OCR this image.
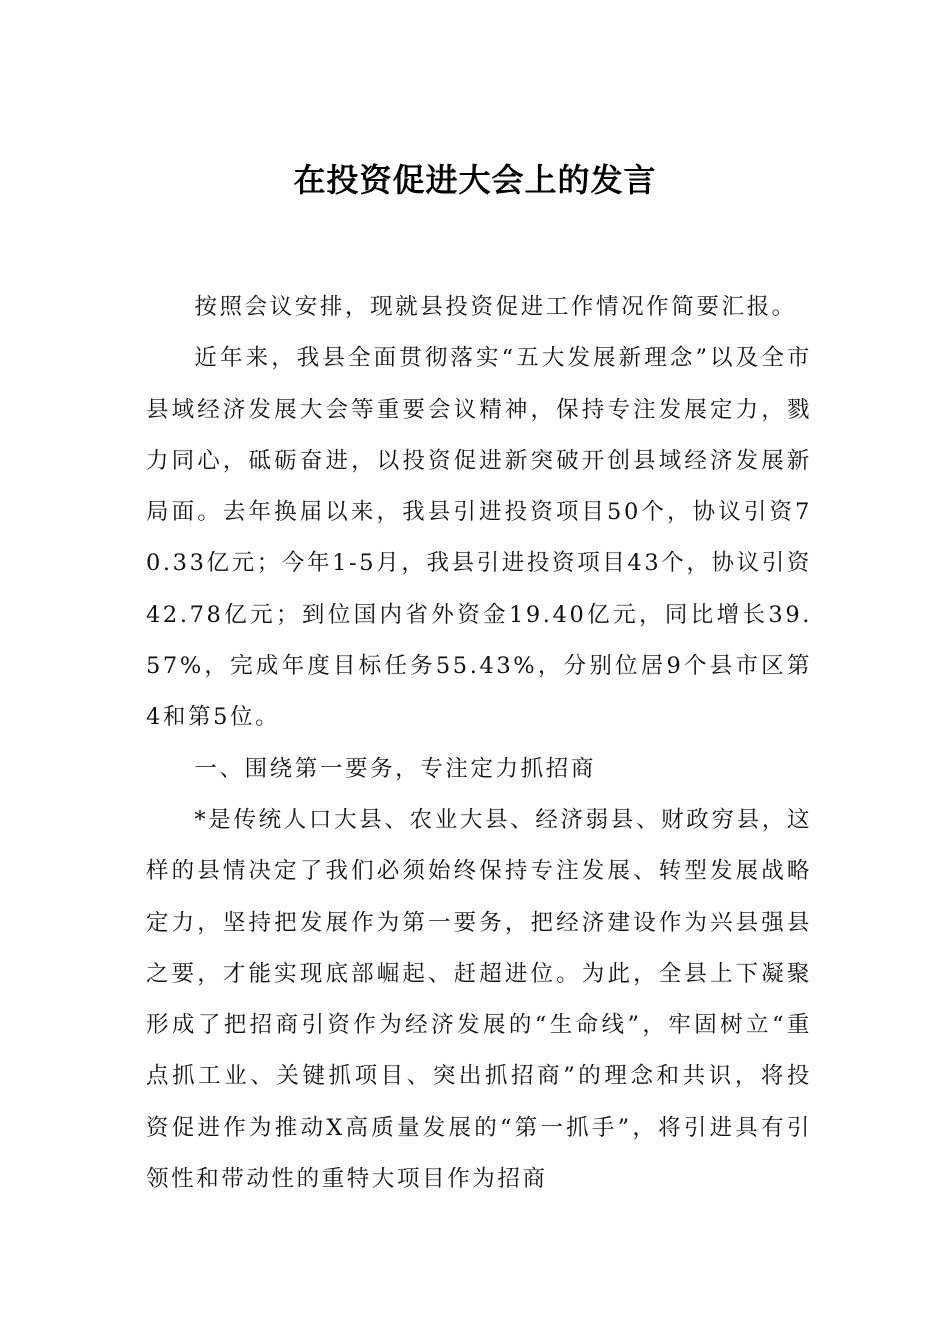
在投资促进大会上的发言

按照会议安排，现就县投资促进工作情况作简要汇报。

近年来，我县全面贯彻落实“五大发展新理念”以及全市县域经济发展大会等重要会议精神，保持专注发展定力，戮力同心，砥砺奋进，以投资促进新突破开创县域经济发展新局面。去年换届以来，我县引进投资项目50个，协议引资70.33亿元；今年1-5月，我县引进投资项目43个，协议引资42.78亿元；到位国内省外资金19.40亿元，同比增长39.57%，完成年度目标任务55.43%，分别位居9个县市区第4和第5位。

一、围绕第一要务，专注定力抓招商

*是传统人口大县、农业大县、经济弱县、财政穷县，这样的县情决定了我们必须始终保持专注发展、转型发展战略定力，坚持把发展作为第一要务，把经济建设作为兴县强县之要，才能实现底部崛起、赶超进位。为此，全县上下凝聚形成了把招商引资作为经济发展的“生命线”，牢固树立“重点抓工业、关键抓项目、突出抓招商”的理念和共识，将投资促进作为推动X高质量发展的“第一抓手”，将引进具有引领性和带动性的重特大项目作为招商
